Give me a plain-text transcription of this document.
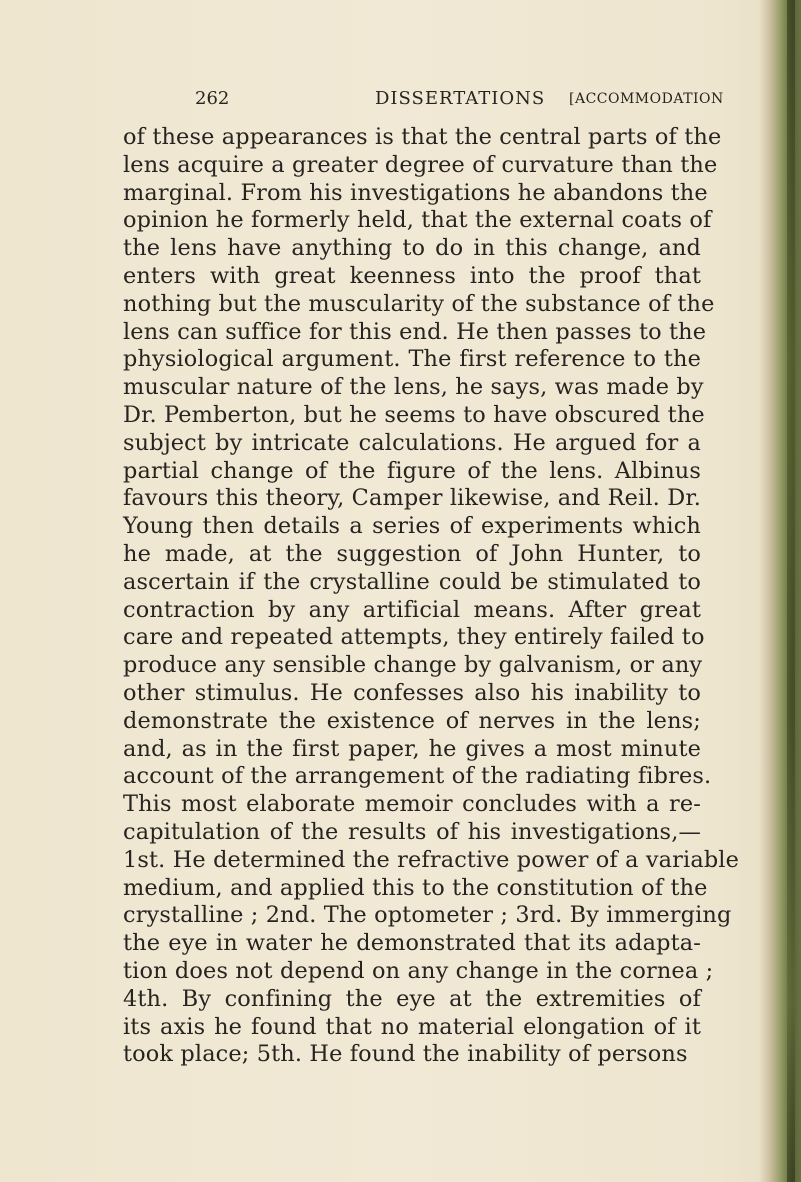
262	DISSERTATIONS [ACCOMMODATION
of these appearances is that the central parts of the
lens acquire a greater degree of curvature than the
marginal. From his investigations he abandons the
opinion he formerly held, that the external coats of
the lens have anything to do in this change, and
enters with great keenness into the proof that
nothing but the muscularity of the substance of the
lens can suffice for this end. He then passes to the
physiological argument. The first reference to the
muscular nature of the lens, he says, was made by
Dr. Pemberton, but he seems to have obscured the
subject by intricate calculations. He argued for a
partial change of the figure of the lens. Albinus
favours this theory, Camper likewise, and Reil. Dr.
Young then details a series of experiments which
he made, at the suggestion of John Hunter, to
ascertain if the crystalline could be stimulated to
contraction by any artificial means. After great
care and repeated attempts, they entirely failed to
produce any sensible change by galvanism, or any
other stimulus. He confesses also his inability to
demonstrate the existence of nerves in the lens;
and, as in the first paper, he gives a most minute
account of the arrangement of the radiating fibres.
This most elaborate memoir concludes with a re-
capitulation of the results of his investigations,—
1st. He determined the refractive power of a variable
medium, and applied this to the constitution of the
crystalline ; 2nd. The optometer ; 3rd. By immerging
the eye in water he demonstrated that its adapta-
tion does not depend on any change in the cornea ;
4th. By confining the eye at the extremities of
its axis he found that no material elongation of it
took place; 5th. He found the inability of persons
